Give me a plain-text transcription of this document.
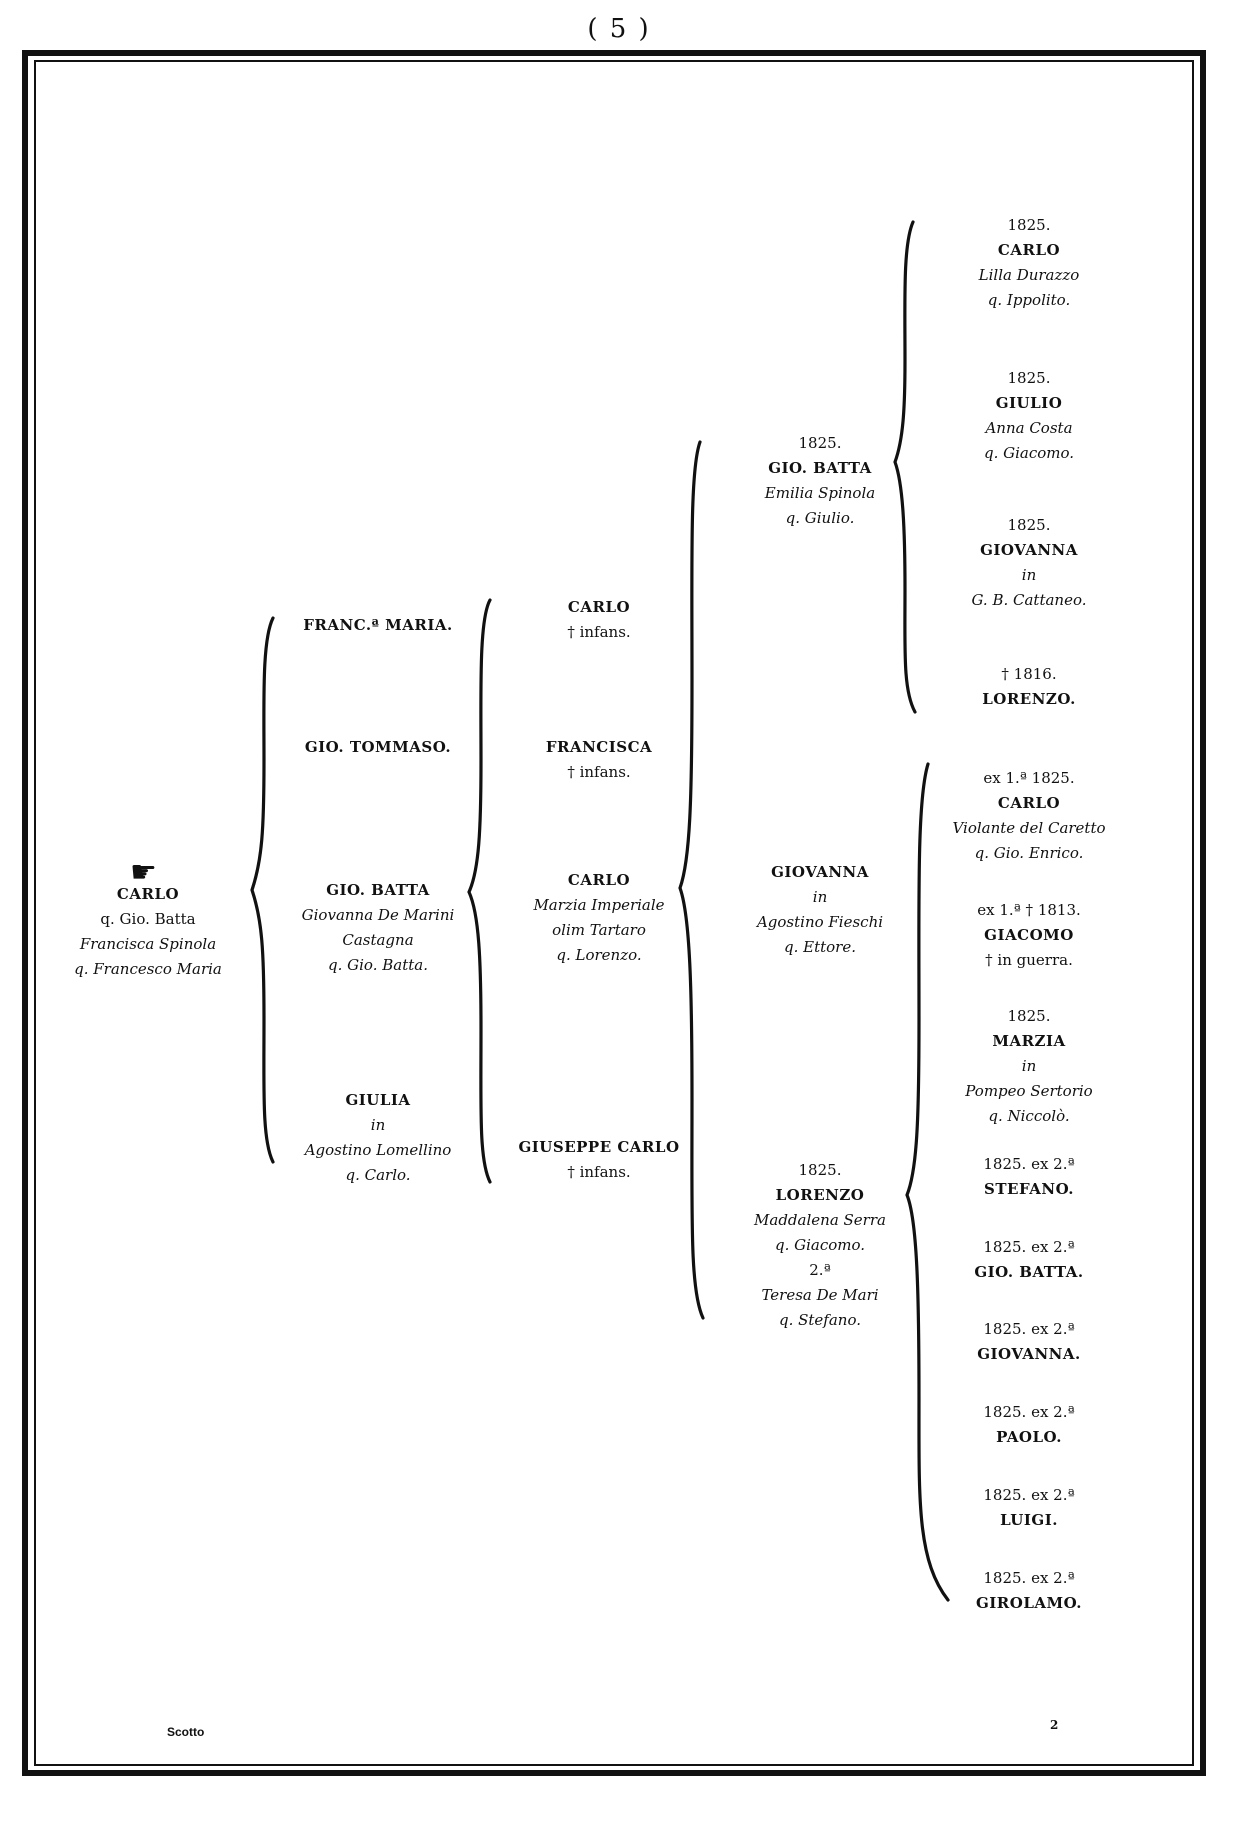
( 5 )
☛
CARLO
q. Gio. Batta
Francisca Spinola
q. Francesco Maria
FRANC.ª MARIA.
GIO. TOMMASO.
GIO. BATTA
Giovanna De Marini
Castagna
q. Gio. Batta.
GIULIA
in
Agostino Lomellino
q. Carlo.
CARLO
† infans.
FRANCISCA
† infans.
CARLO
Marzia Imperiale
olim Tartaro
q. Lorenzo.
GIUSEPPE CARLO
† infans.
1825.
GIO. BATTA
Emilia Spinola
q. Giulio.
GIOVANNA
in
Agostino Fieschi
q. Ettore.
1825.
LORENZO
Maddalena Serra
q. Giacomo.
2.ª
Teresa De Mari
q. Stefano.
1825.
CARLO
Lilla Durazzo
q. Ippolito.
1825.
GIULIO
Anna Costa
q. Giacomo.
1825.
GIOVANNA
in
G. B. Cattaneo.
† 1816.
LORENZO.
ex 1.ª 1825.
CARLO
Violante del Caretto
q. Gio. Enrico.
ex 1.ª † 1813.
GIACOMO
† in guerra.
1825.
MARZIA
in
Pompeo Sertorio
q. Niccolò.
1825. ex 2.ª
STEFANO.
1825. ex 2.ª
GIO. BATTA.
1825. ex 2.ª
GIOVANNA.
1825. ex 2.ª
PAOLO.
1825. ex 2.ª
LUIGI.
1825. ex 2.ª
GIROLAMO.
Scotto	2
